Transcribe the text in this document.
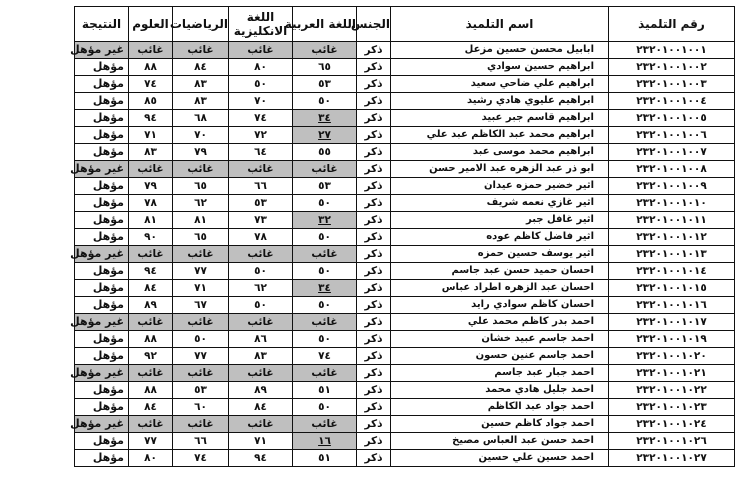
رقم التلميذ	اسم التلميذ	الجنس	اللغة العربية	اللغة الانكليزية	الرياضيات	العلوم	النتيجة
٢٣٢٠١٠٠١٠٠١	ابابيل محسن حسين مزعل	ذكر	غائب	غائب	غائب	غائب	غير مؤهل
٢٣٢٠١٠٠١٠٠٢	ابراهيم حسين سوادي	ذكر	٦٥	٨٠	٨٤	٨٨	مؤهل
٢٣٢٠١٠٠١٠٠٣	ابراهيم علي ضاحي سعيد	ذكر	٥٣	٥٠	٨٣	٧٤	مؤهل
٢٣٢٠١٠٠١٠٠٤	ابراهيم عليوي هادي رشيد	ذكر	٥٠	٧٠	٨٣	٨٥	مؤهل
٢٣٢٠١٠٠١٠٠٥	ابراهيم قاسم جبر عبيد	ذكر	٣٤	٧٤	٦٨	٩٤	مؤهل
٢٣٢٠١٠٠١٠٠٦	ابراهيم محمد عبد الكاظم عبد علي	ذكر	٢٧	٧٢	٧٠	٧١	مؤهل
٢٣٢٠١٠٠١٠٠٧	ابراهيم محمد موسى عبد	ذكر	٥٥	٦٤	٧٩	٨٣	مؤهل
٢٣٢٠١٠٠١٠٠٨	ابو ذر عبد الزهره عبد الامير حسن	ذكر	غائب	غائب	غائب	غائب	غير مؤهل
٢٣٢٠١٠٠١٠٠٩	اثير خضير حمزه عيدان	ذكر	٥٣	٦٦	٦٥	٧٩	مؤهل
٢٣٢٠١٠٠١٠١٠	اثير غازي نعمه شريف	ذكر	٥٠	٥٣	٦٢	٧٨	مؤهل
٢٣٢٠١٠٠١٠١١	اثير غافل جبر	ذكر	٣٢	٧٣	٨١	٨١	مؤهل
٢٣٢٠١٠٠١٠١٢	اثير فاضل كاظم عوده	ذكر	٥٠	٧٨	٦٥	٩٠	مؤهل
٢٣٢٠١٠٠١٠١٣	اثير يوسف حسين حمزه	ذكر	غائب	غائب	غائب	غائب	غير مؤهل
٢٣٢٠١٠٠١٠١٤	احسان حميد حسن عبد جاسم	ذكر	٥٠	٥٠	٧٧	٩٤	مؤهل
٢٣٢٠١٠٠١٠١٥	احسان عبد الزهره اطراد عباس	ذكر	٣٤	٦٢	٧١	٨٤	مؤهل
٢٣٢٠١٠٠١٠١٦	احسان كاظم سوادي رايد	ذكر	٥٠	٥٠	٦٧	٨٩	مؤهل
٢٣٢٠١٠٠١٠١٧	احمد بدر كاظم محمد علي	ذكر	غائب	غائب	غائب	غائب	غير مؤهل
٢٣٢٠١٠٠١٠١٩	احمد جاسم عبيد خشان	ذكر	٥٠	٨٦	٥٠	٨٨	مؤهل
٢٣٢٠١٠٠١٠٢٠	احمد جاسم عنين حسون	ذكر	٧٤	٨٣	٧٧	٩٢	مؤهل
٢٣٢٠١٠٠١٠٢١	احمد جبار عبد جاسم	ذكر	غائب	غائب	غائب	غائب	غير مؤهل
٢٣٢٠١٠٠١٠٢٢	احمد جليل هادي محمد	ذكر	٥١	٨٩	٥٣	٨٨	مؤهل
٢٣٢٠١٠٠١٠٢٣	احمد جواد عبد الكاظم	ذكر	٥٠	٨٤	٦٠	٨٤	مؤهل
٢٣٢٠١٠٠١٠٢٤	احمد جواد كاظم حسين	ذكر	غائب	غائب	غائب	غائب	غير مؤهل
٢٣٢٠١٠٠١٠٢٦	احمد حسن عبد العباس مصيخ	ذكر	١٦	٧١	٦٦	٧٧	مؤهل
٢٣٢٠١٠٠١٠٢٧	احمد حسين علي حسين	ذكر	٥١	٩٤	٧٤	٨٠	مؤهل
